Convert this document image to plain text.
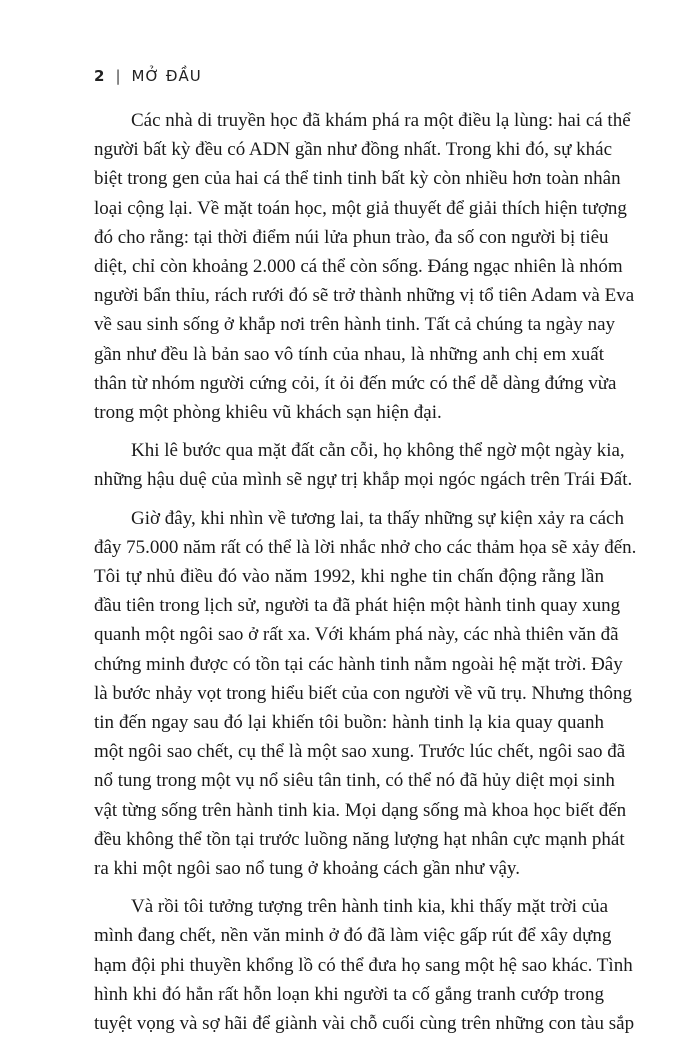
2 | MỞ ĐẦU
Các nhà di truyền học đã khám phá ra một điều lạ lùng: hai cá thể
người bất kỳ đều có ADN gần như đồng nhất. Trong khi đó, sự khác
biệt trong gen của hai cá thể tinh tinh bất kỳ còn nhiều hơn toàn nhân
loại cộng lại. Về mặt toán học, một giả thuyết để giải thích hiện tượng
đó cho rằng: tại thời điểm núi lửa phun trào, đa số con người bị tiêu
diệt, chỉ còn khoảng 2.000 cá thể còn sống. Đáng ngạc nhiên là nhóm
người bẩn thỉu, rách rưới đó sẽ trở thành những vị tổ tiên Adam và Eva
về sau sinh sống ở khắp nơi trên hành tinh. Tất cả chúng ta ngày nay
gần như đều là bản sao vô tính của nhau, là những anh chị em xuất
thân từ nhóm người cứng cỏi, ít ỏi đến mức có thể dễ dàng đứng vừa
trong một phòng khiêu vũ khách sạn hiện đại.
Khi lê bước qua mặt đất cằn cỗi, họ không thể ngờ một ngày kia,
những hậu duệ của mình sẽ ngự trị khắp mọi ngóc ngách trên Trái Đất.
Giờ đây, khi nhìn về tương lai, ta thấy những sự kiện xảy ra cách
đây 75.000 năm rất có thể là lời nhắc nhở cho các thảm họa sẽ xảy đến.
Tôi tự nhủ điều đó vào năm 1992, khi nghe tin chấn động rằng lần
đầu tiên trong lịch sử, người ta đã phát hiện một hành tinh quay xung
quanh một ngôi sao ở rất xa. Với khám phá này, các nhà thiên văn đã
chứng minh được có tồn tại các hành tinh nằm ngoài hệ mặt trời. Đây
là bước nhảy vọt trong hiểu biết của con người về vũ trụ. Nhưng thông
tin đến ngay sau đó lại khiến tôi buồn: hành tinh lạ kia quay quanh
một ngôi sao chết, cụ thể là một sao xung. Trước lúc chết, ngôi sao đã
nổ tung trong một vụ nổ siêu tân tinh, có thể nó đã hủy diệt mọi sinh
vật từng sống trên hành tinh kia. Mọi dạng sống mà khoa học biết đến
đều không thể tồn tại trước luồng năng lượng hạt nhân cực mạnh phát
ra khi một ngôi sao nổ tung ở khoảng cách gần như vậy.
Và rồi tôi tưởng tượng trên hành tinh kia, khi thấy mặt trời của
mình đang chết, nền văn minh ở đó đã làm việc gấp rút để xây dựng
hạm đội phi thuyền khổng lồ có thể đưa họ sang một hệ sao khác. Tình
hình khi đó hẳn rất hỗn loạn khi người ta cố gắng tranh cướp trong
tuyệt vọng và sợ hãi để giành vài chỗ cuối cùng trên những con tàu sắp
